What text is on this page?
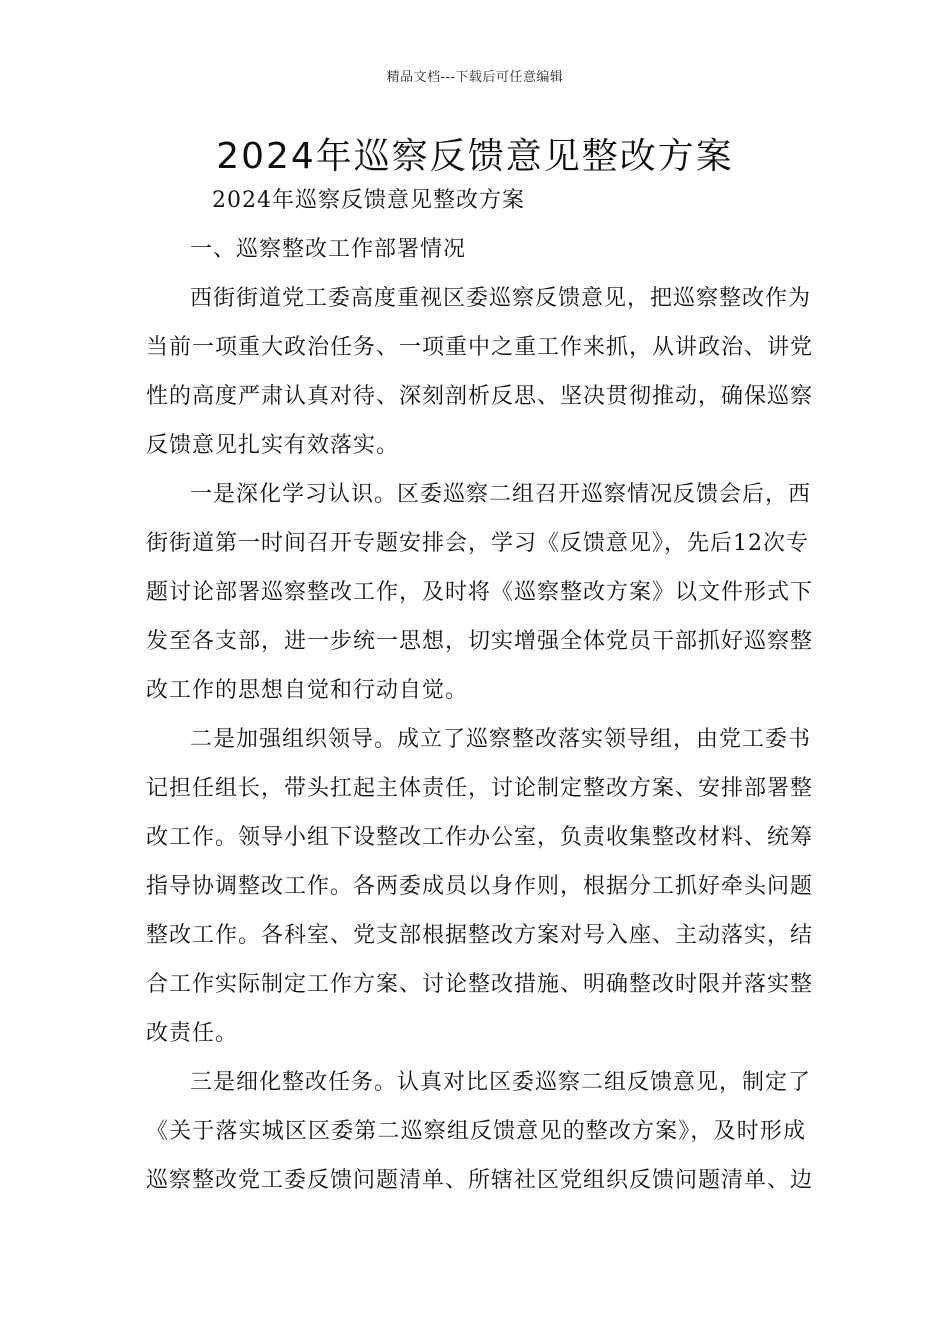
精品文档---下载后可任意编辑
2024年巡察反馈意见整改方案
2024年巡察反馈意见整改方案
一、巡察整改工作部署情况
西街街道党工委高度重视区委巡察反馈意见，把巡察整改作为
当前一项重大政治任务、一项重中之重工作来抓，从讲政治、讲党
性的高度严肃认真对待、深刻剖析反思、坚决贯彻推动，确保巡察
反馈意见扎实有效落实。
一是深化学习认识。区委巡察二组召开巡察情况反馈会后，西
街街道第一时间召开专题安排会，学习《反馈意见》，先后12次专
题讨论部署巡察整改工作，及时将《巡察整改方案》以文件形式下
发至各支部，进一步统一思想，切实增强全体党员干部抓好巡察整
改工作的思想自觉和行动自觉。
二是加强组织领导。成立了巡察整改落实领导组，由党工委书
记担任组长，带头扛起主体责任，讨论制定整改方案、安排部署整
改工作。领导小组下设整改工作办公室，负责收集整改材料、统筹
指导协调整改工作。各两委成员以身作则，根据分工抓好牵头问题
整改工作。各科室、党支部根据整改方案对号入座、主动落实，结
合工作实际制定工作方案、讨论整改措施、明确整改时限并落实整
改责任。
三是细化整改任务。认真对比区委巡察二组反馈意见，制定了
《关于落实城区区委第二巡察组反馈意见的整改方案》，及时形成
巡察整改党工委反馈问题清单、所辖社区党组织反馈问题清单、边
